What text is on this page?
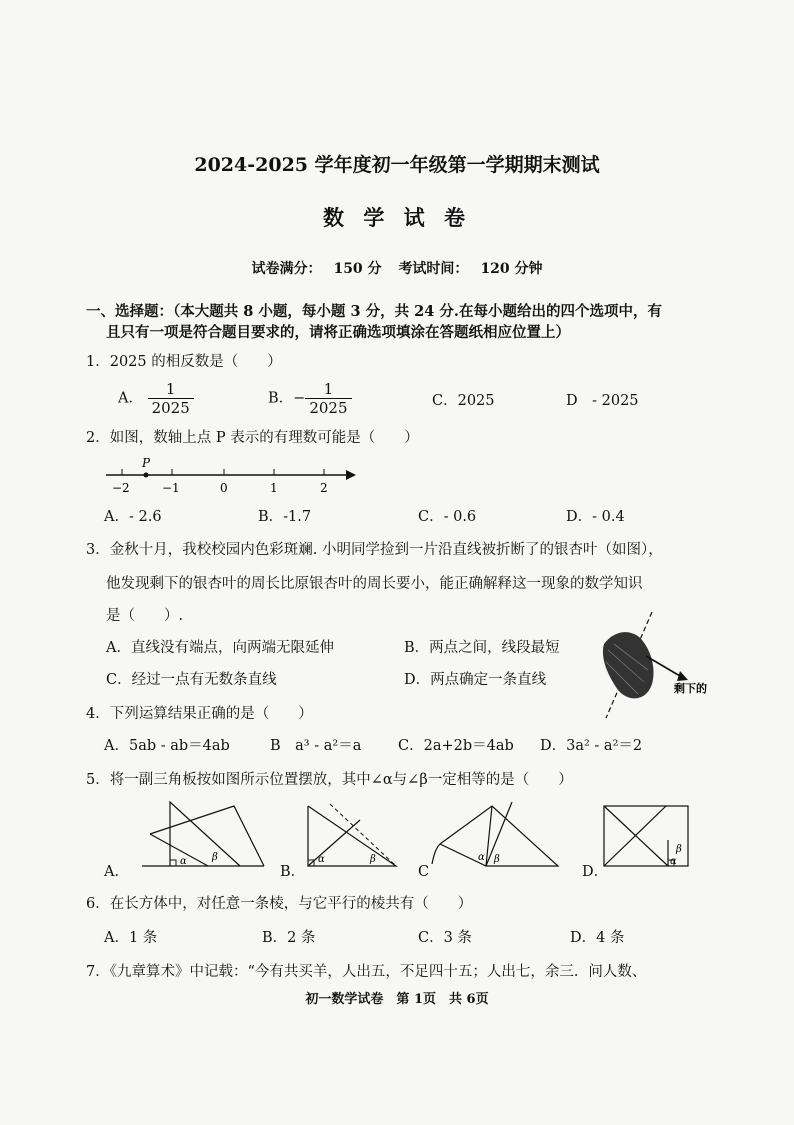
2024-2025 学年度初一年级第一学期期末测试
数 学 试 卷
试卷满分： 150 分 考试时间： 120 分钟
一、选择题：（本大题共 8 小题，每小题 3 分，共 24 分.在每小题给出的四个选项中，有
且只有一项是符合题目要求的，请将正确选项填涂在答题纸相应位置上）
1．2025 的相反数是（　　）
A． $\frac{1}{2025}$	B．− $\frac{1}{2025}$	C．2025	D　- 2025
2．如图，数轴上点 P 表示的有理数可能是（　　）
P
−2	−1	0	1	2
A．- 2.6	B．-1.7	C．- 0.6	D．- 0.4
3．金秋十月，我校校园内色彩斑斓. 小明同学捡到一片沿直线被折断了的银杏叶（如图），
他发现剩下的银杏叶的周长比原银杏叶的周长要小，能正确解释这一现象的数学知识
是（　　）.
A．直线没有端点，向两端无限延伸	B．两点之间，线段最短
C．经过一点有无数条直线	D．两点确定一条直线
剩下的
4．下列运算结果正确的是（　　）
A．5ab - ab＝4ab	B　a³ - a²＝a	C．2a+2b＝4ab D．3a² - a²＝2
5．将一副三角板按如图所示位置摆放，其中∠α与∠β一定相等的是（　　）
A．
α	β
B．
α	β
C
α β
D．
β
α
6．在长方体中，对任意一条棱，与它平行的棱共有（　　）
A．1 条	B．2 条	C．3 条	D．4 条
7．《九章算术》中记载：“今有共买羊，人出五，不足四十五；人出七，余三．问人数、
初一数学试卷　第 1页　共 6页
